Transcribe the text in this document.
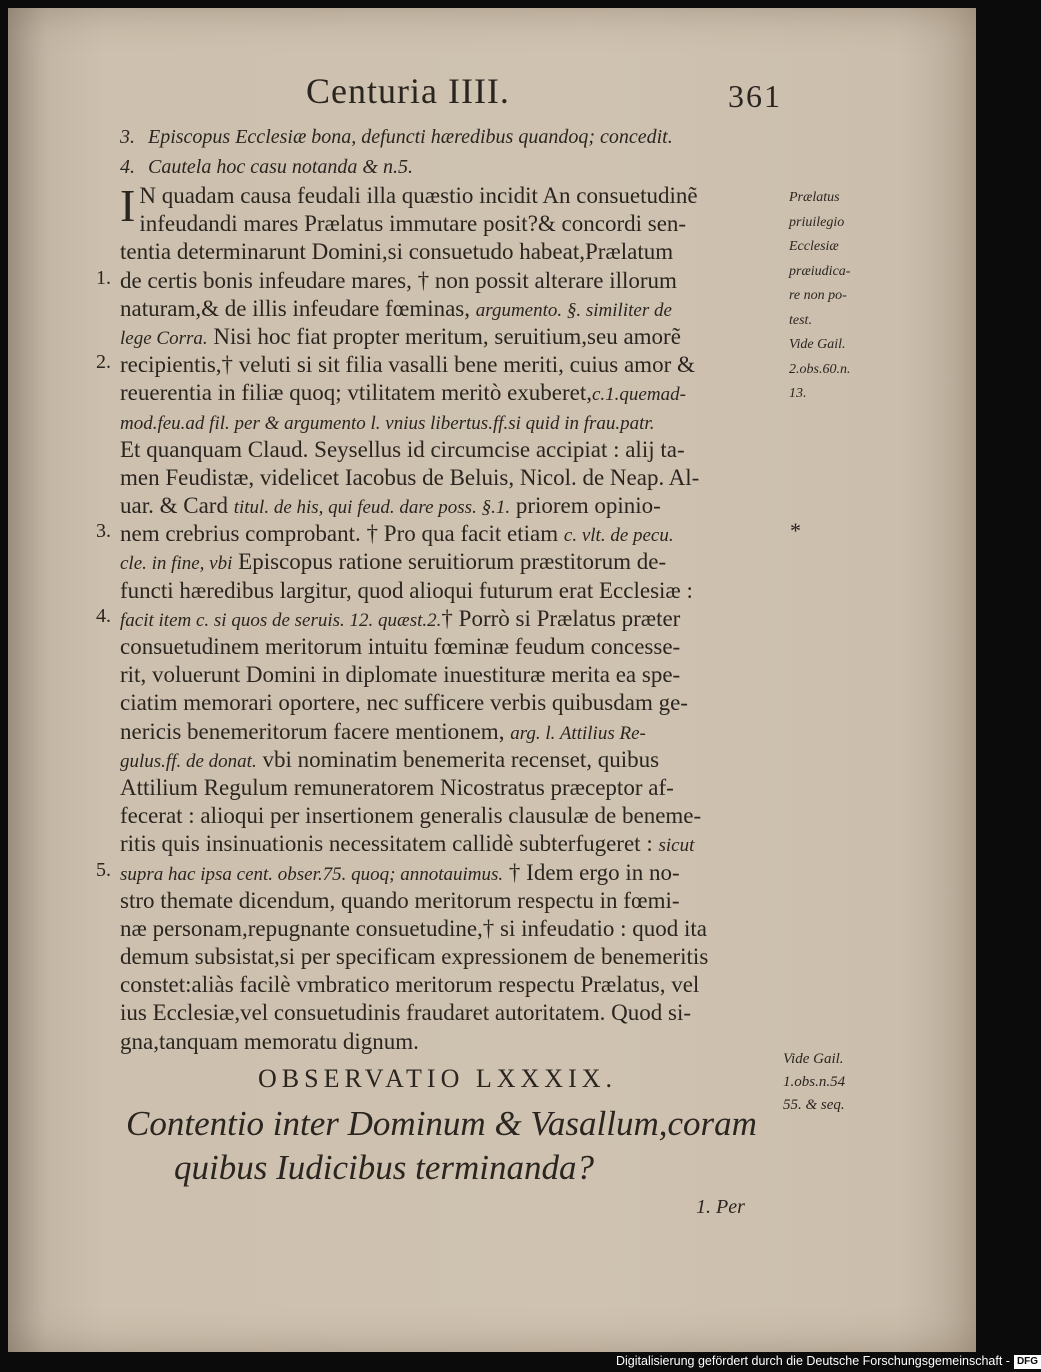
Centuria IIII.	361
3. Episcopus Ecclesiæ bona, defuncti hæredibus quandoq; concedit.
4. Cautela hoc casu notanda & n.5.
1.
2.
3.
4.
5.
I N quadam causa feudali illa quæstio incidit An consuetudinẽ
infeudandi mares Prælatus immutare posit?& concordi sen-
tentia determinarunt Domini,si consuetudo habeat,Prælatum
de certis bonis infeudare mares, † non possit alterare illorum
naturam,& de illis infeudare fœminas, argumento. §. similiter de
lege Corra. Nisi hoc fiat propter meritum, seruitium,seu amorẽ
recipientis,† veluti si sit filia vasalli bene meriti, cuius amor &
reuerentia in filiæ quoq; vtilitatem meritò exuberet,c.1.quemad-
mod.feu.ad fil. per & argumento l. vnius libertus.ff.si quid in frau.patr.
Et quanquam Claud. Seysellus id circumcise accipiat : alij ta-
men Feudistæ, videlicet Iacobus de Beluis, Nicol. de Neap. Al-
uar. & Card titul. de his, qui feud. dare poss. §.1. priorem opinio-
nem crebrius comprobant. † Pro qua facit etiam c. vlt. de pecu.
cle. in fine, vbi Episcopus ratione seruitiorum præstitorum de-
functi hæredibus largitur, quod alioqui futurum erat Ecclesiæ :
facit item c. si quos de seruis. 12. quæst.2.† Porrò si Prælatus præter
consuetudinem meritorum intuitu fœminæ feudum concesse-
rit, voluerunt Domini in diplomate inuestituræ merita ea spe-
ciatim memorari oportere, nec sufficere verbis quibusdam ge-
nericis benemeritorum facere mentionem, arg. l. Attilius Re-
gulus.ff. de donat. vbi nominatim benemerita recenset, quibus
Attilium Regulum remuneratorem Nicostratus præceptor af-
fecerat : alioqui per insertionem generalis clausulæ de beneme-
ritis quis insinuationis necessitatem callidè subterfugeret : sicut
supra hac ipsa cent. obser.75. quoq; annotauimus. † Idem ergo in no-
stro themate dicendum, quando meritorum respectu in fœmi-
næ personam,repugnante consuetudine,† si infeudatio : quod ita
demum subsistat,si per specificam expressionem de benemeritis
constet:aliàs facilè vmbratico meritorum respectu Prælatus, vel
ius Ecclesiæ,vel consuetudinis fraudaret autoritatem. Quod si-
gna,tanquam memoratu dignum.
Prælatus
priuilegio
Ecclesiæ
præiudica-
re non po-
test.
Vide Gail.
2.obs.60.n.
13.
*
OBSERVATIO LXXXIX.
Contentio inter Dominum & Vasallum,coram
quibus Iudicibus terminanda?
Vide Gail.
1.obs.n.54
55. & seq.
1. Per
Digitalisierung gefördert durch die Deutsche Forschungsgemeinschaft - DFG
